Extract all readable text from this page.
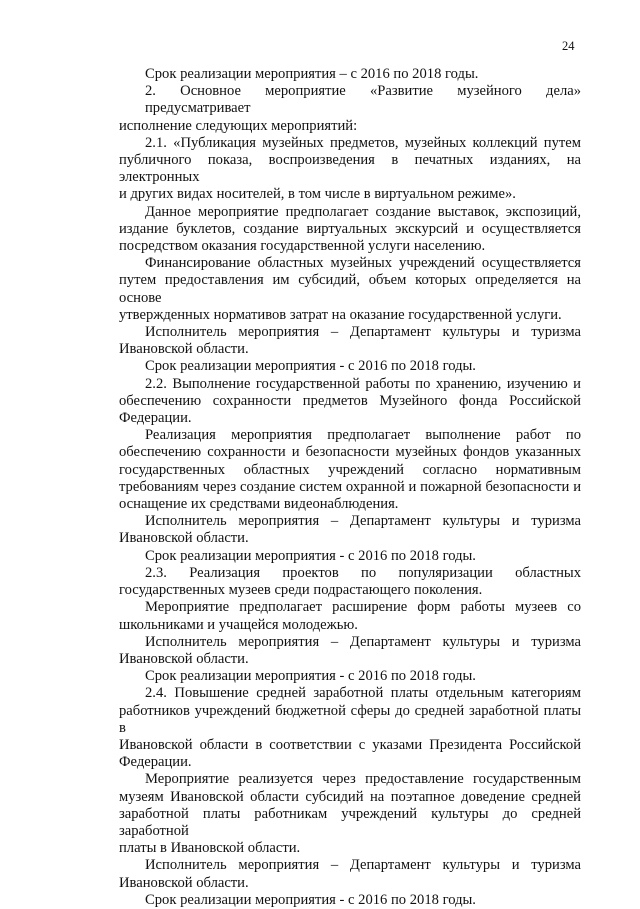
24
Срок реализации мероприятия – с 2016 по 2018 годы.
2. Основное мероприятие «Развитие музейного дела» предусматривает
исполнение следующих мероприятий:
2.1. «Публикация музейных предметов, музейных коллекций путем
публичного показа, воспроизведения в печатных изданиях, на электронных
и других видах носителей, в том числе в виртуальном режиме».
Данное мероприятие предполагает создание выставок, экспозиций,
издание буклетов, создание виртуальных экскурсий и осуществляется
посредством оказания государственной услуги населению.
Финансирование областных музейных учреждений осуществляется
путем предоставления им субсидий, объем которых определяется на основе
утвержденных нормативов затрат на оказание государственной услуги.
Исполнитель мероприятия – Департамент культуры и туризма
Ивановской области.
Срок реализации мероприятия - с 2016 по 2018 годы.
2.2. Выполнение государственной работы по хранению, изучению и
обеспечению сохранности предметов Музейного фонда Российской
Федерации.
Реализация мероприятия предполагает выполнение работ по
обеспечению сохранности и безопасности музейных фондов указанных
государственных областных учреждений согласно нормативным
требованиям через создание систем охранной и пожарной безопасности и
оснащение их средствами видеонаблюдения.
Исполнитель мероприятия – Департамент культуры и туризма
Ивановской области.
Срок реализации мероприятия - с 2016 по 2018 годы.
2.3. Реализация проектов по популяризации областных
государственных музеев среди подрастающего поколения.
Мероприятие предполагает расширение форм работы музеев со
школьниками и учащейся молодежью.
Исполнитель мероприятия – Департамент культуры и туризма
Ивановской области.
Срок реализации мероприятия - с 2016 по 2018 годы.
2.4. Повышение средней заработной платы отдельным категориям
работников учреждений бюджетной сферы до средней заработной платы в
Ивановской области в соответствии с указами Президента Российской
Федерации.
Мероприятие реализуется через предоставление государственным
музеям Ивановской области субсидий на поэтапное доведение средней
заработной платы работникам учреждений культуры до средней заработной
платы в Ивановской области.
Исполнитель мероприятия – Департамент культуры и туризма
Ивановской области.
Срок реализации мероприятия - с 2016 по 2018 годы.
